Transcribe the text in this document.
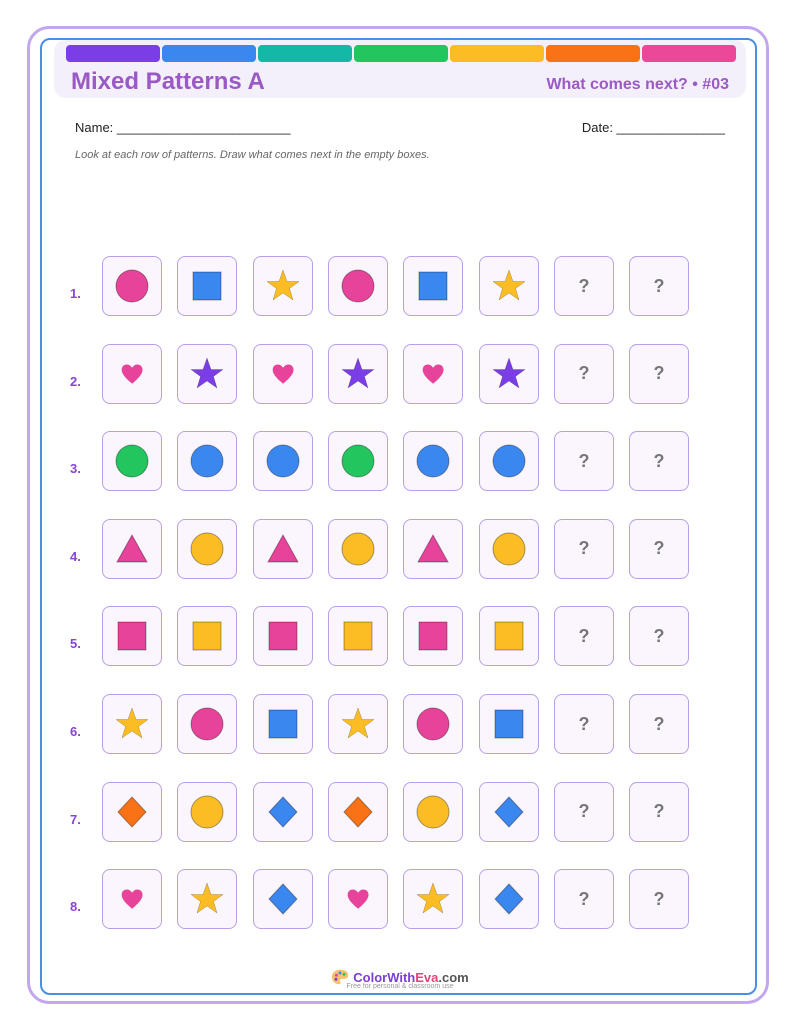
Mixed Patterns A	What comes next? • #03
Name: ________________________	Date: _______________
Look at each row of patterns. Draw what comes next in the empty boxes.
1.	?	?
2.	?	?
3.	?	?
4.	?	?
5.	?	?
6.	?	?
7.	?	?
8.	?	?
ColorWithEva.com
Free for personal & classroom use
